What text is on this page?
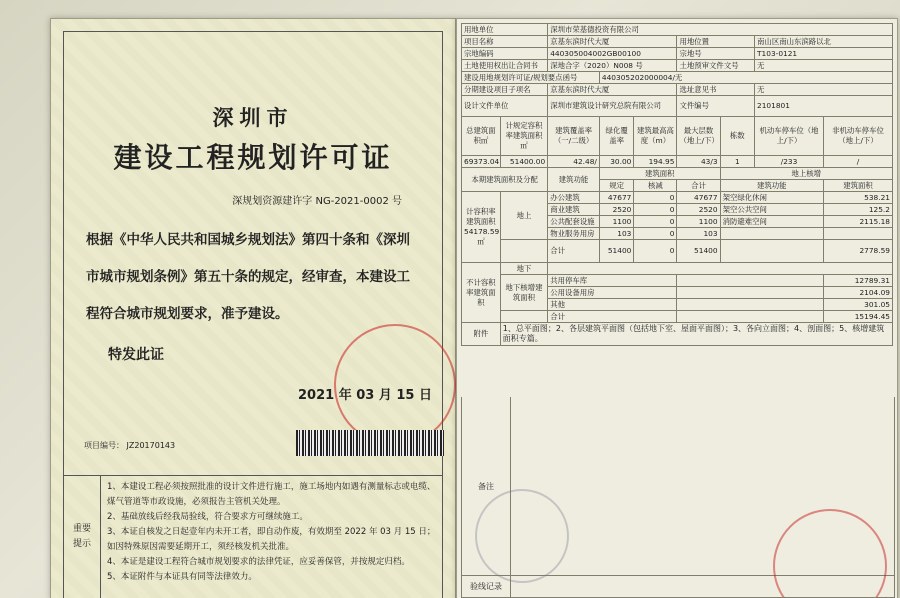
深圳市
建设工程规划许可证
深规划资源建许字 NG-2021-0002 号
根据《中华人民共和国城乡规划法》第四十条和《深圳市城市规划条例》第五十条的规定，经审查，本建设工程符合城市规划要求，准予建设。
特发此证
2021 年 03 月 15 日
项目编号： JZ20170143
重要
提示
1、本建设工程必须按照批准的设计文件进行施工，施工场地内如遇有测量标志或电缆、煤气管道等市政设施，必须报告主管机关处理。
2、基础放线后经我局验线，符合要求方可继续施工。
3、本证自核发之日起壹年内未开工者，即自动作废，有效期至 2022 年 03 月 15 日；如因特殊原因需要延期开工，须经核发机关批准。
4、本证是建设工程符合城市规划要求的法律凭证，应妥善保管，并按规定归档。
5、本证附件与本证具有同等法律效力。
用地单位		深圳市荣基德投资有限公司						
项目名称		京基东滨时代大厦			用地位置		南山区南山东滨路以北	
宗地编码		440305004002GB00100			宗地号		T103-0121	
土地使用权出让合同书		深地合字（2020）N008 号			土地预审文件文号		无	
建设用地规划许可证/规划要点函号			440305202000004/无					
分期建设项目子项名		京基东滨时代大厦			选址意见书		无	
设计文件单位		深圳市建筑设计研究总院有限公司			文件编号		2101801	
总建筑面积㎡	计规定容积率建筑面积㎡	建筑覆盖率（一/二级）	绿化覆盖率	建筑最高高度（m）	最大层数（地上/下）	栋数	机动车停车位（地上/下）	非机动车停车位（地上/下）
69373.04	51400.00	42.48/	30.00	194.95	43/3	1	/233	/
本期建筑面积及分配		建筑功能	建筑面积			地上核增		
			规定	核减	合计	建筑功能		建筑面积
计容积率建筑面积 54178.59 ㎡	地上	办公建筑	47677	0	47677	架空绿化休闲		538.21
		商业建筑	2520	0	2520	架空公共空间		125.2
		公共配套设施	1100	0	1100	消防避难空间		2115.18
		物业服务用房	103	0	103			
		合计	51400	0	51400			2778.59

不计容积率建筑面积	地下							
	地下核增建筑面积	共用停车库						12789.31
		公用设备用房						2104.09
		其他						301.05
		合计						15194.45
附件	1、总平面图；2、各层建筑平面图（包括地下室、屋面平面图）；3、各向立面图；4、剖面图；5、核增建筑面积专篇。							
备注
验线记录
